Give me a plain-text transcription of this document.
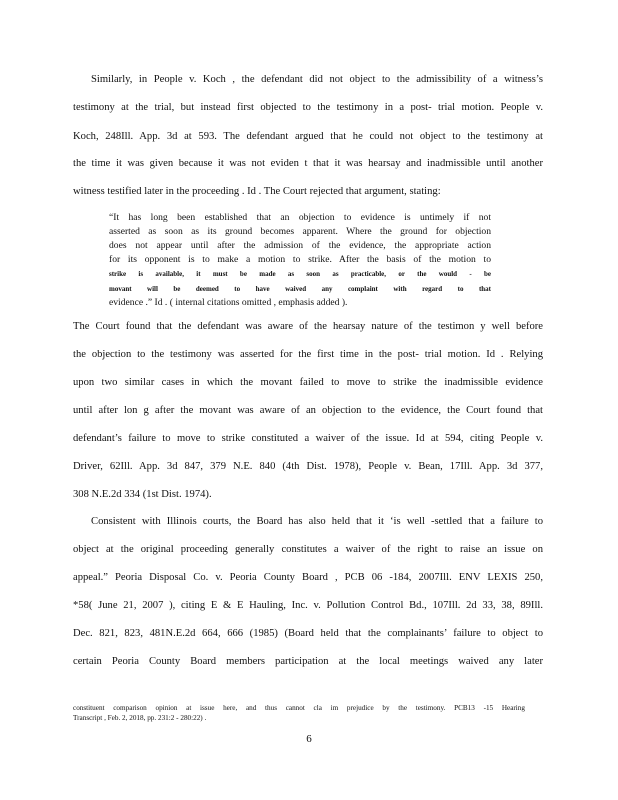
Similarly, in People v. Koch , the defendant did not object to the admissibility of a witness’s
testimony at the trial, but instead first objected to the testimony in a post- trial motion. People v.
Koch, 248Ill. App. 3d at 593. The defendant argued that he could not object to the testimony at
the time it was given because it was not eviden t that it was hearsay and inadmissible until another
witness testified later in the proceeding . Id . The Court rejected that argument, stating:
“It has long been established that an objection to evidence is untimely if not
asserted as soon as its ground becomes apparent. Where the ground for objection
does not appear until after the admission of the evidence, the appropriate action
for its opponent is to make a motion to strike. After the basis of the motion to
strike is available, it must be made as soon as practicable, or the would - be
movant will be deemed to have waived any complaint with regard to that
evidence .” Id . ( internal citations omitted , emphasis added ).
The Court found that the defendant was aware of the hearsay nature of the testimon y well before
the objection to the testimony was asserted for the first time in the post- trial motion. Id . Relying
upon two similar cases in which the movant failed to move to strike the inadmissible evidence
until after lon g after the movant was aware of an objection to the evidence, the Court found that
defendant’s failure to move to strike constituted a waiver of the issue. Id at 594, citing People v.
Driver, 62Ill. App. 3d 847, 379 N.E. 840 (4th Dist. 1978), People v. Bean, 17Ill. App. 3d 377,
308 N.E.2d 334 (1st Dist. 1974).
Consistent with Illinois courts, the Board has also held that it ‘is well -settled that a failure to
object at the original proceeding generally constitutes a waiver of the right to raise an issue on
appeal.” Peoria Disposal Co. v. Peoria County Board , PCB 06 -184, 2007Ill. ENV LEXIS 250,
*58( June 21, 2007 ), citing E & E Hauling, Inc. v. Pollution Control Bd., 107Ill. 2d 33, 38, 89Ill.
Dec. 821, 823, 481N.E.2d 664, 666 (1985) (Board held that the complainants’ failure to object to
certain Peoria County Board members participation at the local meetings waived any later
constituent comparison opinion at issue here, and thus cannot cla im prejudice by the testimony. PCB13 -15 Hearing
Transcript , Feb. 2, 2018, pp. 231:2 - 280:22) .
6
